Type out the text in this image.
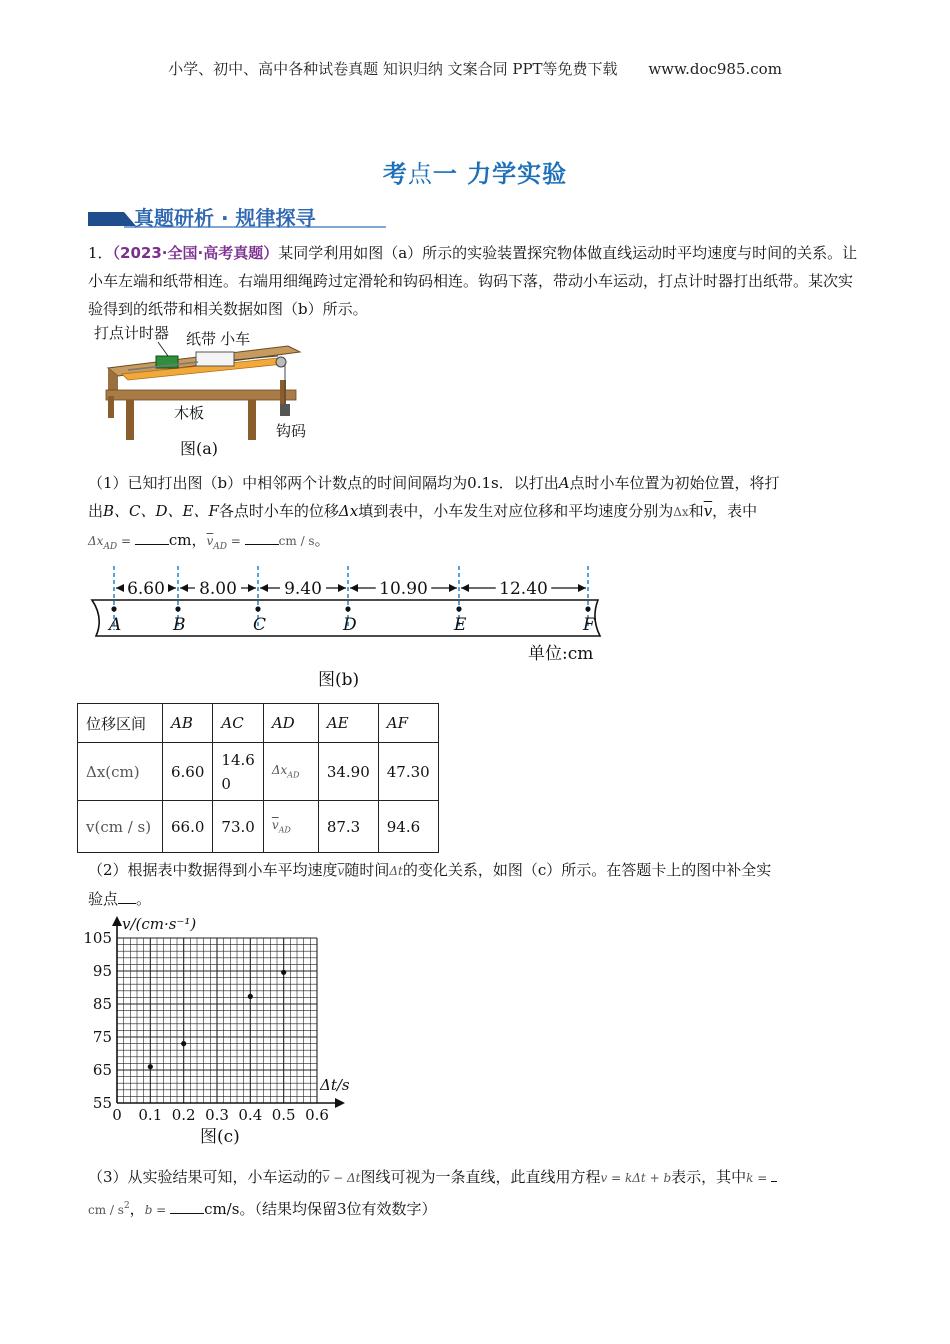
小学、初中、高中各种试卷真题 知识归纳 文案合同 PPT等免费下载 www.doc985.com
考点一 力学实验
真题研析 · 规律探寻
1．（2023·全国·高考真题）某同学利用如图（a）所示的实验装置探究物体做直线运动时平均速度与时间的关系。让小车左端和纸带相连。右端用细绳跨过定滑轮和钩码相连。钩码下落，带动小车运动，打点计时器打出纸带。某次实验得到的纸带和相关数据如图（b）所示。
打点计时器 纸带 小车
木板
钩码
图(a)
（1）已知打出图（b）中相邻两个计数点的时间间隔均为0.1s．以打出A点时小车位置为初始位置，将打
出B、C、D、E、F各点时小车的位移Δx填到表中，小车发生对应位移和平均速度分别为Δx和$\overline{v}$，表中
$\Delta x_{AD}$ = cm，$\overline{v}_{AD}$ =	cm / s。
A	B	C	D	E	F
6.60 8.00	9.40	10.90	12.40
单位:cm
图(b)
位移区间	AB	AC	AD	AE	AF
Δx(cm)	6.60	14.60	$\Delta x_{AD}$	34.90	47.30
v(cm / s)	66.0	73.0	$\overline{v}_{AD}$	87.3	94.6
（2）根据表中数据得到小车平均速度$\overline{v}$随时间Δt的变化关系，如图（c）所示。在答题卡上的图中补全实
验点 。
0 0.1 0.2 0.3 0.4 0.5 0.6
55
65
75
85
95
105
v/(cm·s⁻¹)
Δt/s
图(c)
（3）从实验结果可知，小车运动的$\overline{v} - \Delta t$图线可视为一条直线，此直线用方程v = kΔt + b表示，其中k =
cm / $s^2$，b = cm/s。（结果均保留3位有效数字）
